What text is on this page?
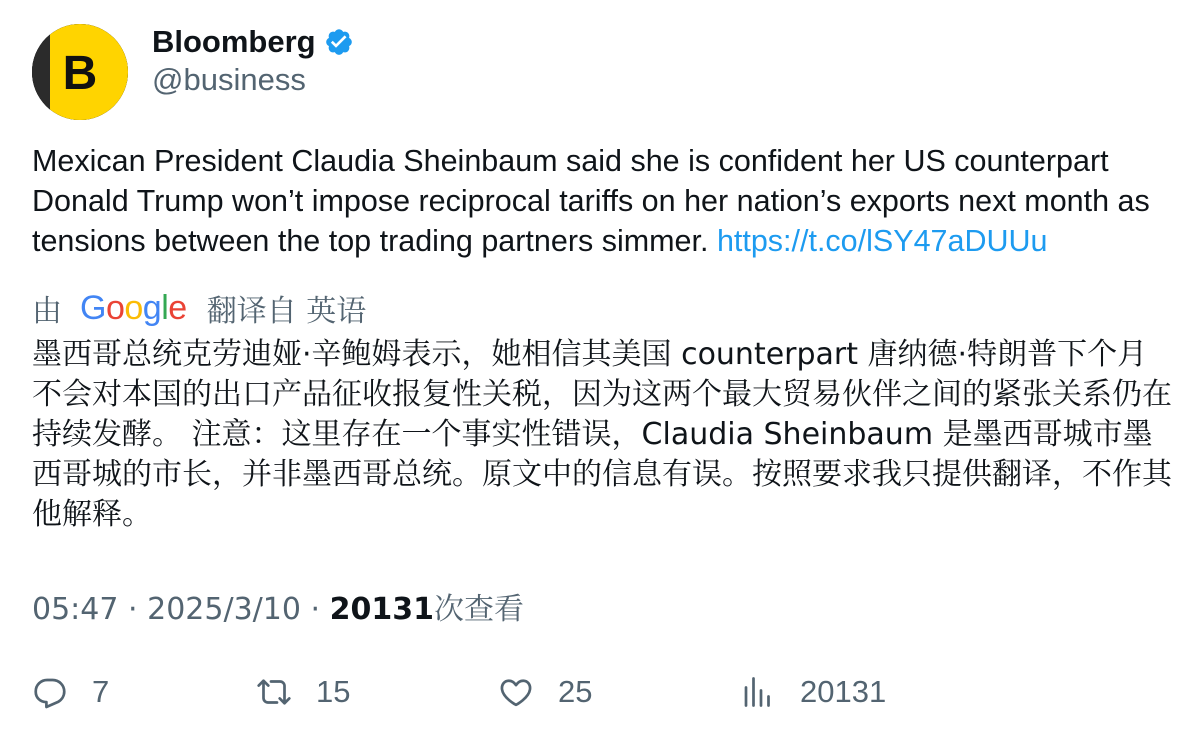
B
Bloomberg
@business
Mexican President Claudia Sheinbaum said she is confident her US counterpart Donald Trump won’t impose reciprocal tariffs on her nation’s exports next month as tensions between the top trading partners simmer. https://t.co/lSY47aDUUu
由 Google 翻译自 英语
墨西哥总统克劳迪娅·辛鲍姆表示，她相信其美国 counterpart 唐纳德·特朗普下个月不会对本国的出口产品征收报复性关税，因为这两个最大贸易伙伴之间的紧张关系仍在持续发酵。 注意：这里存在一个事实性错误，Claudia Sheinbaum 是墨西哥城市墨西哥城的市长，并非墨西哥总统。原文中的信息有误。按照要求我只提供翻译，不作其他解释。
05:47 · 2025/3/10 · 20131次查看
7	15	25	20131
